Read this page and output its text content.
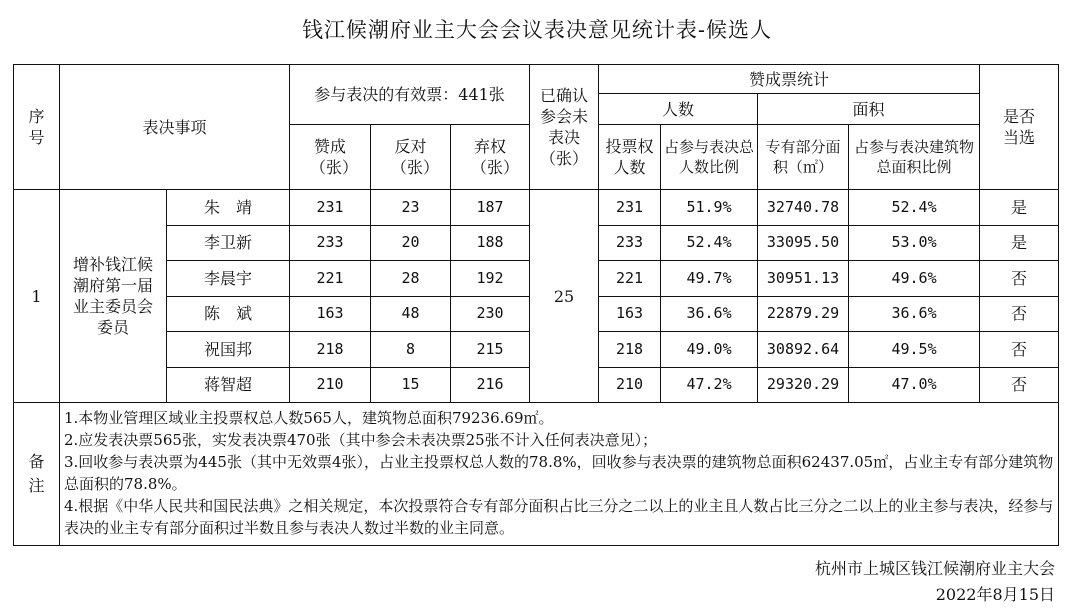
钱江候潮府业主大会会议表决意见统计表-候选人
序号	表决事项		参与表决的有效票：441张			已确认参会未表决（张）	赞成票统计				是否当选
							人数		面积		
			赞成（张）	反对（张）	弃权（张）		投票权人数	占参与表决总人数比例	专有部分面积（㎡）	占参与表决建筑物总面积比例	
1	增补钱江候潮府第一届业主委员会委员	朱　靖	231	23	187	25	231	51.9%	32740.78	52.4%	是
		李卫新	233	20	188		233	52.4%	33095.50	53.0%	是
		李晨宇	221	28	192		221	49.7%	30951.13	49.6%	否
		陈　斌	163	48	230		163	36.6%	22879.29	36.6%	否
		祝国邦	218	8	215		218	49.0%	30892.64	49.5%	否
		蒋智超	210	15	216		210	47.2%	29320.29	47.0%	否
备注	1.本物业管理区域业主投票权总人数565人，建筑物总面积79236.69㎡。
2.应发表决票565张，实发表决票470张（其中参会未表决票25张不计入任何表决意见）；
3.回收参与表决票为445张（其中无效票4张），占业主投票权总人数的78.8%，回收参与表决票的建筑物总面积62437.05㎡，占业主专有部分建筑物总面积的78.8%。
4.根据《中华人民共和国民法典》之相关规定，本次投票符合专有部分面积占比三分之二以上的业主且人数占比三分之二以上的业主参与表决，经参与表决的业主专有部分面积过半数且参与表决人数过半数的业主同意。										
杭州市上城区钱江候潮府业主大会
2022年8月15日
